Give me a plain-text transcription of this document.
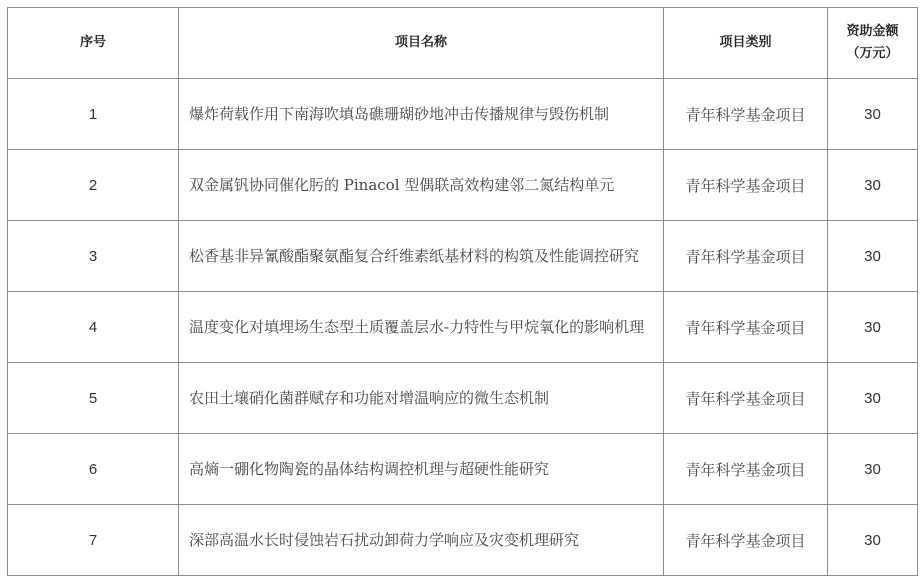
序号	项目名称	项目类别	资助金额
（万元）

1	爆炸荷载作用下南海吹填岛礁珊瑚砂地冲击传播规律与毁伤机制	青年科学基金项目	30
2	双金属钒协同催化肟的 Pinacol 型偶联高效构建邻二氮结构单元	青年科学基金项目	30
3	松香基非异氰酸酯聚氨酯复合纤维素纸基材料的构筑及性能调控研究	青年科学基金项目	30
4	温度变化对填埋场生态型土质覆盖层水-力特性与甲烷氧化的影响机理	青年科学基金项目	30
5	农田土壤硝化菌群赋存和功能对增温响应的微生态机制	青年科学基金项目	30
6	高熵一硼化物陶瓷的晶体结构调控机理与超硬性能研究	青年科学基金项目	30
7	深部高温水长时侵蚀岩石扰动卸荷力学响应及灾变机理研究	青年科学基金项目	30
